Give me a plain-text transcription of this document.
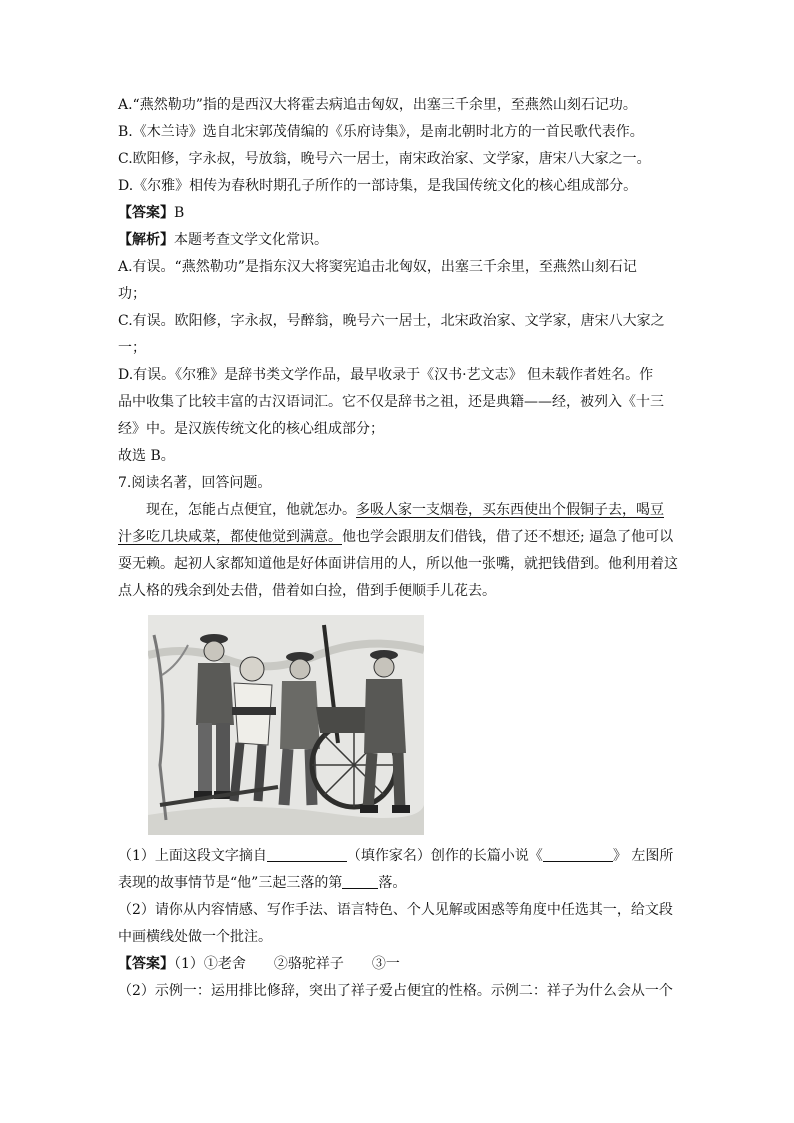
A.“燕然勒功”指的是西汉大将霍去病追击匈奴，出塞三千余里，至燕然山刻石记功。
B.《木兰诗》选自北宋郭茂倩编的《乐府诗集》，是南北朝时北方的一首民歌代表作。
C.欧阳修，字永叔，号放翁，晚号六一居士，南宋政治家、文学家，唐宋八大家之一。
D.《尔雅》相传为春秋时期孔子所作的一部诗集，是我国传统文化的核心组成部分。
【答案】B
【解析】本题考查文学文化常识。
A.有误。“燕然勒功”是指东汉大将窦宪追击北匈奴，出塞三千余里，至燕然山刻石记
功；
C.有误。欧阳修，字永叔，号醉翁，晚号六一居士，北宋政治家、文学家，唐宋八大家之
一；
D.有误。《尔雅》是辞书类文学作品，最早收录于《汉书·艺文志》 但未载作者姓名。作
品中收集了比较丰富的古汉语词汇。它不仅是辞书之祖，还是典籍——经，被列入《十三
经》中。是汉族传统文化的核心组成部分；
故选 B。
7.阅读名著，回答问题。
现在，怎能占点便宜，他就怎办。多吸人家一支烟卷，买东西使出个假铜子去，喝豆
汁多吃几块咸菜，都使他觉到满意。他也学会跟朋友们借钱，借了还不想还; 逼急了他可以
耍无赖。起初人家都知道他是好体面讲信用的人，所以他一张嘴，就把钱借到。他利用着这
点人格的残余到处去借，借着如白捡，借到手便顺手儿花去。
（1）上面这段文字摘自	（填作家名）创作的长篇小说《	》 左图所
表现的故事情节是“他”三起三落的第	落。
（2）请你从内容情感、写作手法、语言特色、个人见解或困惑等角度中任选其一，给文段
中画横线处做一个批注。
【答案】（1）①老舍　　②骆驼祥子　　③一
（2）示例一：运用排比修辞，突出了祥子爱占便宜的性格。示例二：祥子为什么会从一个
